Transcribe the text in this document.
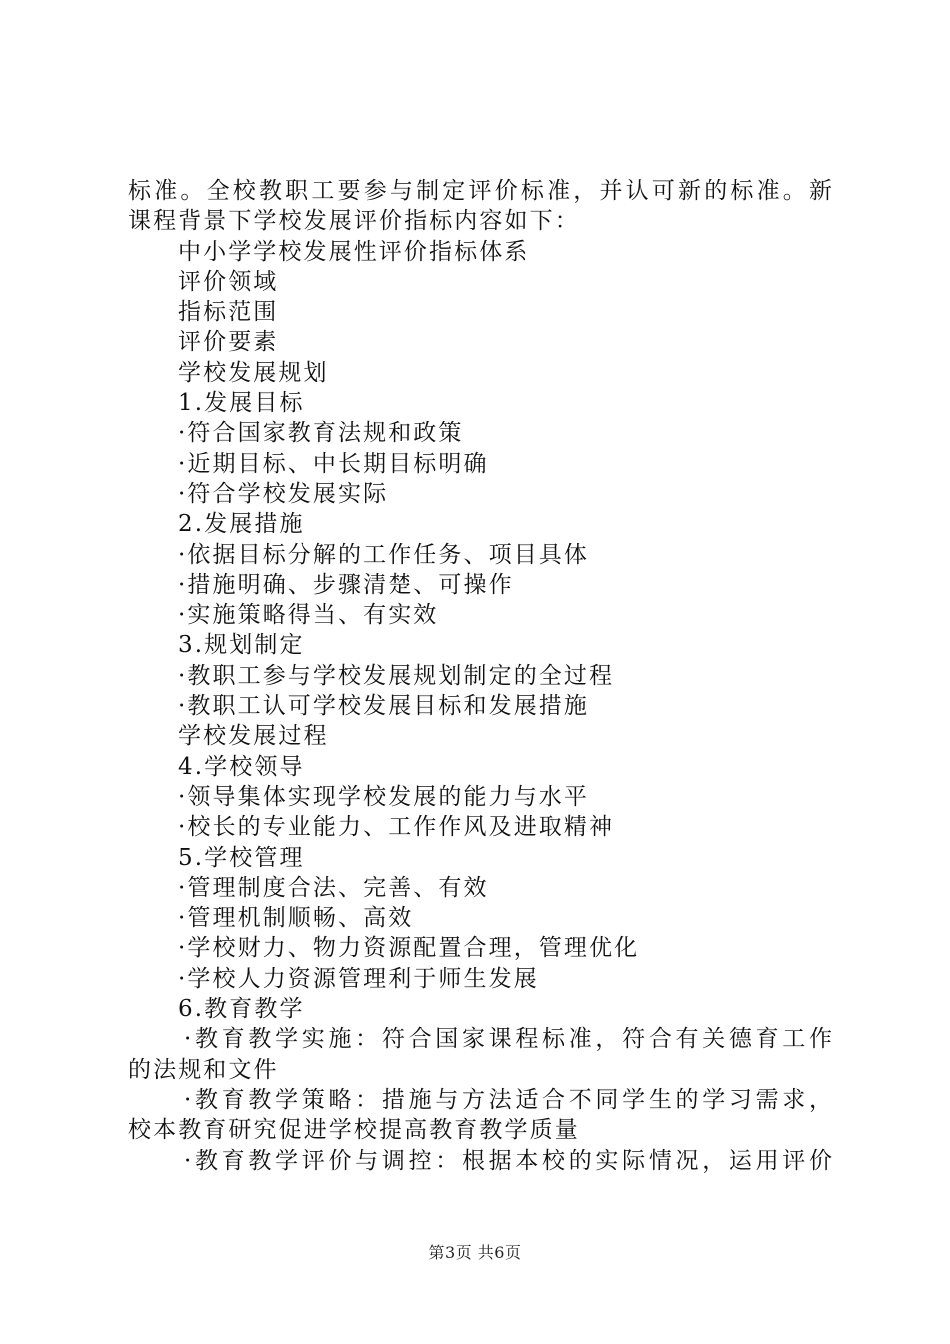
标准。全校教职工要参与制定评价标准，并认可新的标准。新
课程背景下学校发展评价指标内容如下：
中小学学校发展性评价指标体系
评价领域
指标范围
评价要素
学校发展规划
1.发展目标
·符合国家教育法规和政策
·近期目标、中长期目标明确
·符合学校发展实际
2.发展措施
·依据目标分解的工作任务、项目具体
·措施明确、步骤清楚、可操作
·实施策略得当、有实效
3.规划制定
·教职工参与学校发展规划制定的全过程
·教职工认可学校发展目标和发展措施
学校发展过程
4.学校领导
·领导集体实现学校发展的能力与水平
·校长的专业能力、工作作风及进取精神
5.学校管理
·管理制度合法、完善、有效
·管理机制顺畅、高效
·学校财力、物力资源配置合理，管理优化
·学校人力资源管理利于师生发展
6.教育教学
·教育教学实施：符合国家课程标准，符合有关德育工作
的法规和文件
·教育教学策略：措施与方法适合不同学生的学习需求，
校本教育研究促进学校提高教育教学质量
·教育教学评价与调控：根据本校的实际情况，运用评价
第3页 共6页
